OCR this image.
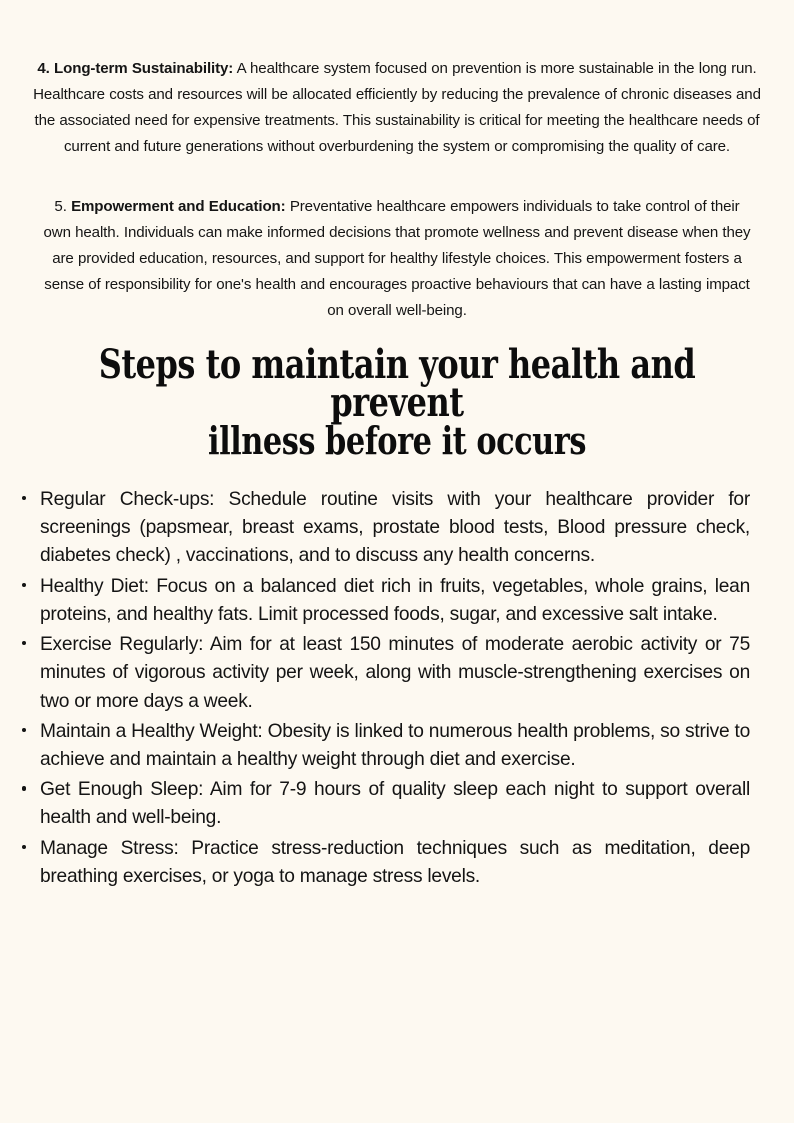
4. Long-term Sustainability: A healthcare system focused on prevention is more sustainable in the long run. Healthcare costs and resources will be allocated efficiently by reducing the prevalence of chronic diseases and the associated need for expensive treatments. This sustainability is critical for meeting the healthcare needs of current and future generations without overburdening the system or compromising the quality of care.

5. Empowerment and Education: Preventative healthcare empowers individuals to take control of their own health. Individuals can make informed decisions that promote wellness and prevent disease when they are provided education, resources, and support for healthy lifestyle choices. This empowerment fosters a sense of responsibility for one's health and encourages proactive behaviours that can have a lasting impact on overall well-being.

Steps to maintain your health and prevent
illness before it occurs
Regular Check-ups: Schedule routine visits with your healthcare provider for screenings (papsmear, breast exams, prostate blood tests, Blood pressure check, diabetes check) , vaccinations, and to discuss any health concerns.
Healthy Diet: Focus on a balanced diet rich in fruits, vegetables, whole grains, lean proteins, and healthy fats. Limit processed foods, sugar, and excessive salt intake.
Exercise Regularly: Aim for at least 150 minutes of moderate aerobic activity or 75 minutes of vigorous activity per week, along with muscle-strengthening exercises on two or more days a week.
Maintain a Healthy Weight: Obesity is linked to numerous health problems, so strive to achieve and maintain a healthy weight through diet and exercise.
Get Enough Sleep: Aim for 7-9 hours of quality sleep each night to support overall health and well-being.
Manage Stress: Practice stress-reduction techniques such as meditation, deep breathing exercises, or yoga to manage stress levels.
